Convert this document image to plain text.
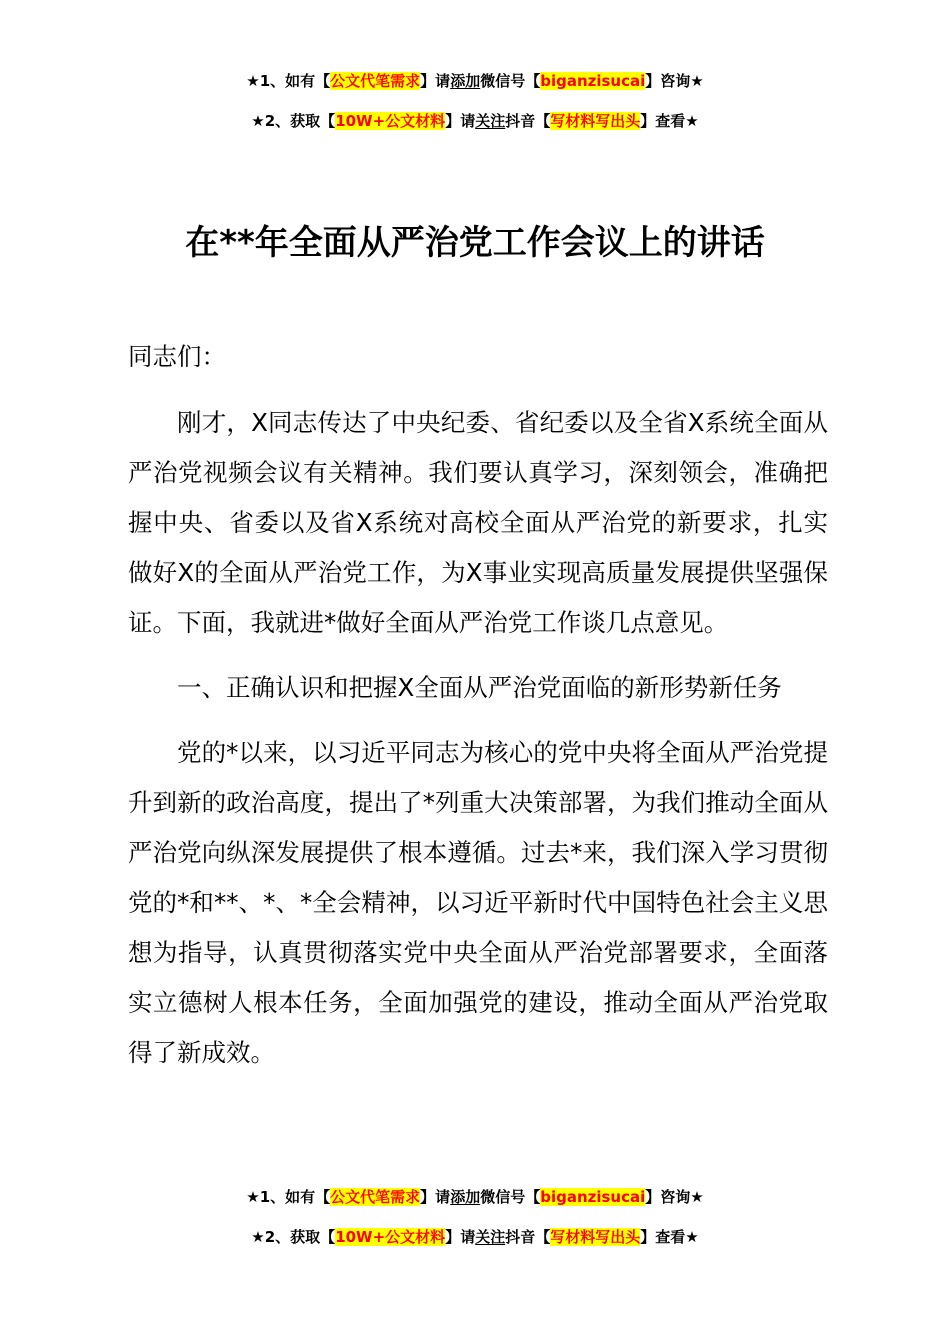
★1、如有【公文代笔需求】请添加微信号【biganzisucai】咨询★
★2、获取【10W+公文材料】请关注抖音【写材料写出头】查看★
在**年全面从严治党工作会议上的讲话

同志们：

刚才，X同志传达了中央纪委、省纪委以及全省X系统全面从严治党视频会议有关精神。我们要认真学习，深刻领会，准确把握中央、省委以及省X系统对高校全面从严治党的新要求，扎实做好X的全面从严治党工作，为X事业实现高质量发展提供坚强保证。下面，我就进*做好全面从严治党工作谈几点意见。

一、正确认识和把握X全面从严治党面临的新形势新任务

党的*以来，以习近平同志为核心的党中央将全面从严治党提升到新的政治高度，提出了*列重大决策部署，为我们推动全面从严治党向纵深发展提供了根本遵循。过去*来，我们深入学习贯彻党的*和**、*、*全会精神，以习近平新时代中国特色社会主义思想为指导，认真贯彻落实党中央全面从严治党部署要求，全面落实立德树人根本任务，全面加强党的建设，推动全面从严治党取得了新成效。

★1、如有【公文代笔需求】请添加微信号【biganzisucai】咨询★
★2、获取【10W+公文材料】请关注抖音【写材料写出头】查看★
